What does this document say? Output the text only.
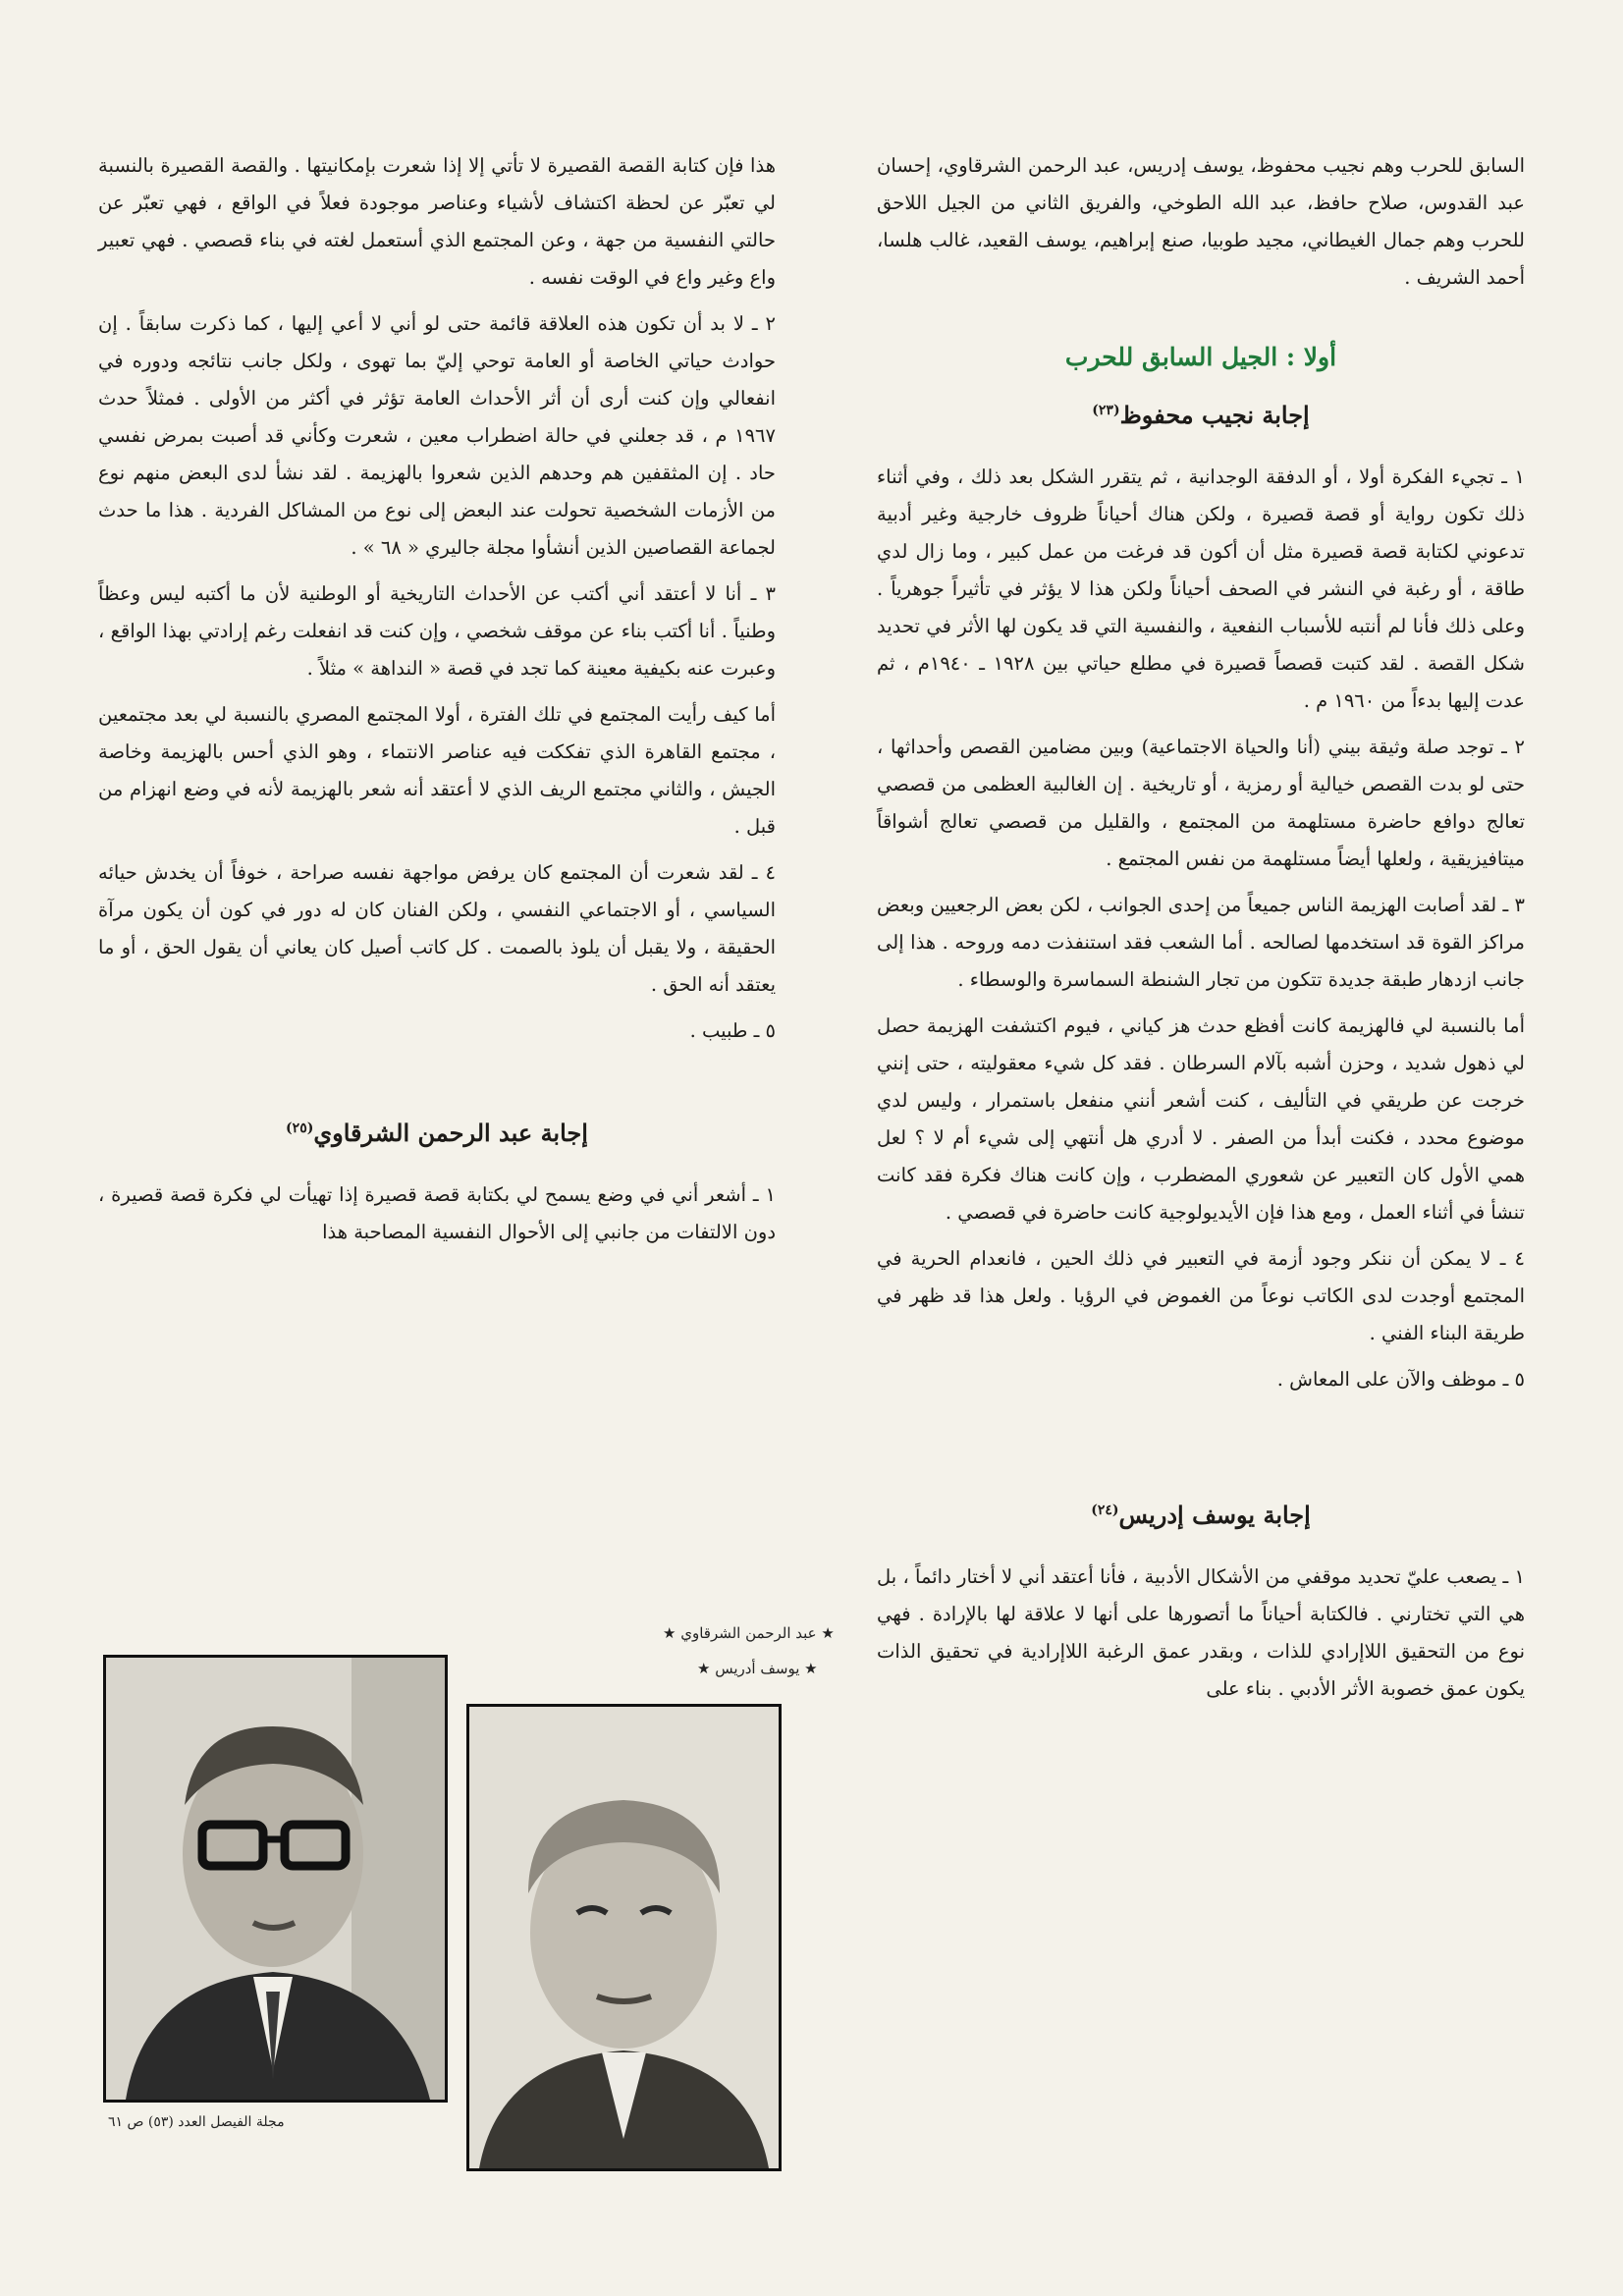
السابق للحرب وهم نجيب محفوظ، يوسف إدريس، عبد الرحمن الشرقاوي، إحسان عبد القدوس، صلاح حافظ، عبد الله الطوخي، والفريق الثاني من الجيل اللاحق للحرب وهم جمال الغيطاني، مجيد طوبيا، صنع إبراهيم، يوسف القعيد، غالب هلسا، أحمد الشريف .

أولا : الجيل السابق للحرب
إجابة نجيب محفوظ$^{(٢٣)}$

١ ـ تجيء الفكرة أولا ، أو الدفقة الوجدانية ، ثم يتقرر الشكل بعد ذلك ، وفي أثناء ذلك تكون رواية أو قصة قصيرة ، ولكن هناك أحياناً ظروف خارجية وغير أدبية تدعوني لكتابة قصة قصيرة مثل أن أكون قد فرغت من عمل كبير ، وما زال لدي طاقة ، أو رغبة في النشر في الصحف أحياناً ولكن هذا لا يؤثر في تأثيراً جوهرياً . وعلى ذلك فأنا لم أنتبه للأسباب النفعية ، والنفسية التي قد يكون لها الأثر في تحديد شكل القصة . لقد كتبت قصصاً قصيرة في مطلع حياتي بين ١٩٢٨ ـ ١٩٤٠م ، ثم عدت إليها بدءاً من ١٩٦٠ م .

٢ ـ توجد صلة وثيقة بيني (أنا والحياة الاجتماعية) وبين مضامين القصص وأحداثها ، حتى لو بدت القصص خيالية أو رمزية ، أو تاريخية . إن الغالبية العظمى من قصصي تعالج دوافع حاضرة مستلهمة من المجتمع ، والقليل من قصصي تعالج أشواقاً ميتافيزيقية ، ولعلها أيضاً مستلهمة من نفس المجتمع .

٣ ـ لقد أصابت الهزيمة الناس جميعاً من إحدى الجوانب ، لكن بعض الرجعيين وبعض مراكز القوة قد استخدمها لصالحه . أما الشعب فقد استنفذت دمه وروحه . هذا إلى جانب ازدهار طبقة جديدة تتكون من تجار الشنطة السماسرة والوسطاء .

أما بالنسبة لي فالهزيمة كانت أفظع حدث هز كياني ، فيوم اكتشفت الهزيمة حصل لي ذهول شديد ، وحزن أشبه بآلام السرطان . فقد كل شيء معقوليته ، حتى إنني خرجت عن طريقي في التأليف ، كنت أشعر أنني منفعل باستمرار ، وليس لدي موضوع محدد ، فكنت أبدأ من الصفر . لا أدري هل أنتهي إلى شيء أم لا ؟ لعل همي الأول كان التعبير عن شعوري المضطرب ، وإن كانت هناك فكرة فقد كانت تنشأ في أثناء العمل ، ومع هذا فإن الأيديولوجية كانت حاضرة في قصصي .

٤ ـ لا يمكن أن ننكر وجود أزمة في التعبير في ذلك الحين ، فانعدام الحرية في المجتمع أوجدت لدى الكاتب نوعاً من الغموض في الرؤيا . ولعل هذا قد ظهر في طريقة البناء الفني .

٥ ـ موظف والآن على المعاش .

إجابة يوسف إدريس$^{(٢٤)}$

١ ـ يصعب عليّ تحديد موقفي من الأشكال الأدبية ، فأنا أعتقد أني لا أختار دائماً ، بل هي التي تختارني . فالكتابة أحياناً ما أتصورها على أنها لا علاقة لها بالإرادة . فهي نوع من التحقيق اللاإرادي للذات ، وبقدر عمق الرغبة اللاإرادية في تحقيق الذات يكون عمق خصوبة الأثر الأدبي . بناء على

هذا فإن كتابة القصة القصيرة لا تأتي إلا إذا شعرت بإمكانيتها . والقصة القصيرة بالنسبة لي تعبّر عن لحظة اكتشاف لأشياء وعناصر موجودة فعلاً في الواقع ، فهي تعبّر عن حالتي النفسية من جهة ، وعن المجتمع الذي أستعمل لغته في بناء قصصي . فهي تعبير واع وغير واع في الوقت نفسه .

٢ ـ لا بد أن تكون هذه العلاقة قائمة حتى لو أني لا أعي إليها ، كما ذكرت سابقاً . إن حوادث حياتي الخاصة أو العامة توحي إليّ بما تهوى ، ولكل جانب نتائجه ودوره في انفعالي وإن كنت أرى أن أثر الأحداث العامة تؤثر في أكثر من الأولى . فمثلاً حدث ١٩٦٧ م ، قد جعلني في حالة اضطراب معين ، شعرت وكأني قد أصبت بمرض نفسي حاد . إن المثقفين هم وحدهم الذين شعروا بالهزيمة . لقد نشأ لدى البعض منهم نوع من الأزمات الشخصية تحولت عند البعض إلى نوع من المشاكل الفردية . هذا ما حدث لجماعة القصاصين الذين أنشأوا مجلة جاليري « ٦٨ » .

٣ ـ أنا لا أعتقد أني أكتب عن الأحداث التاريخية أو الوطنية لأن ما أكتبه ليس وعظاً وطنياً . أنا أكتب بناء عن موقف شخصي ، وإن كنت قد انفعلت رغم إرادتي بهذا الواقع ، وعبرت عنه بكيفية معينة كما تجد في قصة « النداهة » مثلاً .

أما كيف رأيت المجتمع في تلك الفترة ، أولا المجتمع المصري بالنسبة لي بعد مجتمعين ، مجتمع القاهرة الذي تفككت فيه عناصر الانتماء ، وهو الذي أحس بالهزيمة وخاصة الجيش ، والثاني مجتمع الريف الذي لا أعتقد أنه شعر بالهزيمة لأنه في وضع انهزام من قبل .

٤ ـ لقد شعرت أن المجتمع كان يرفض مواجهة نفسه صراحة ، خوفاً أن يخدش حيائه السياسي ، أو الاجتماعي النفسي ، ولكن الفنان كان له دور في كون أن يكون مرآة الحقيقة ، ولا يقبل أن يلوذ بالصمت . كل كاتب أصيل كان يعاني أن يقول الحق ، أو ما يعتقد أنه الحق .

٥ ـ طبيب .

إجابة عبد الرحمن الشرقاوي$^{(٢٥)}$

١ ـ أشعر أني في وضع يسمح لي بكتابة قصة قصيرة إذا تهيأت لي فكرة قصة قصيرة ، دون الالتفات من جانبي إلى الأحوال النفسية المصاحبة هذا

★ عبد الرحمن الشرقاوي ★
★ يوسف أدريس ★
مجلة الفيصل العدد (٥٣) ص ٦١
